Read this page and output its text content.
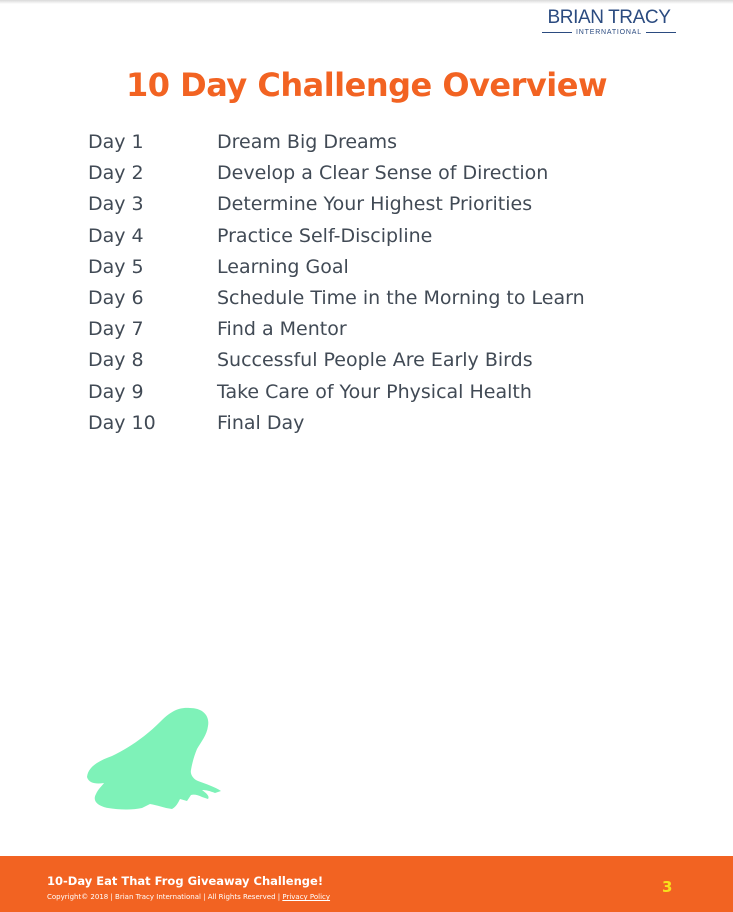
BRIAN TRACY
INTERNATIONAL
10 Day Challenge Overview
Day 1	Dream Big Dreams
Day 2	Develop a Clear Sense of Direction
Day 3	Determine Your Highest Priorities
Day 4	Practice Self-Discipline
Day 5	Learning Goal
Day 6	Schedule Time in the Morning to Learn
Day 7	Find a Mentor
Day 8	Successful People Are Early Birds
Day 9	Take Care of Your Physical Health
Day 10	Final Day
10-Day Eat That Frog Giveaway Challenge!
Copyright© 2018 | Brian Tracy International | All Rights Reserved | Privacy Policy
3
